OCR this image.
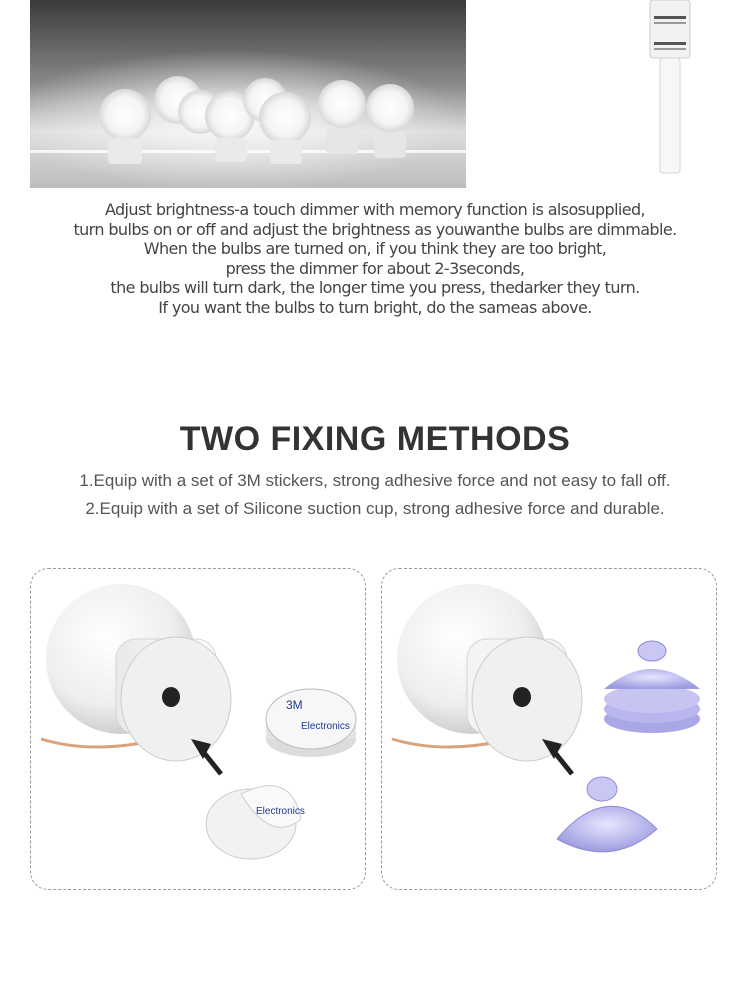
Adjust brightness-a touch dimmer with memory function is alsosupplied,
turn bulbs on or off and adjust the brightness as youwanthe bulbs are dimmable.
When the bulbs are turned on, if you think they are too bright,
press the dimmer for about 2-3seconds,
the bulbs will turn dark, the longer time you press, thedarker they turn.
If you want the bulbs to turn bright, do the sameas above.
TWO FIXING METHODS
1.Equip with a set of 3M stickers, strong adhesive force and not easy to fall off.
2.Equip with a set of Silicone suction cup, strong adhesive force and durable.
3M
Electronics
Electronics
